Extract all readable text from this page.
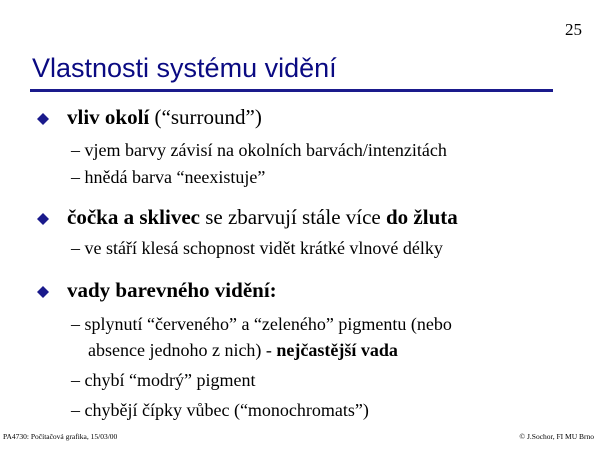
25
Vlastnosti systému vidění
vliv okolí (“surround”)
– vjem barvy závisí na okolních barvách/intenzitách
– hnědá barva “neexistuje”
čočka a sklivec se zbarvují stále více do žluta
– ve stáří klesá schopnost vidět krátké vlnové délky
vady barevného vidění:
– splynutí “červeného” a “zeleného” pigmentu (nebo
absence jednoho z nich) - nejčastější vada
– chybí “modrý” pigment
– chybějí čípky vůbec (“monochromats”)
PA4730: Počítačová grafika, 15/03/00	© J.Sochor, FI MU Brno
